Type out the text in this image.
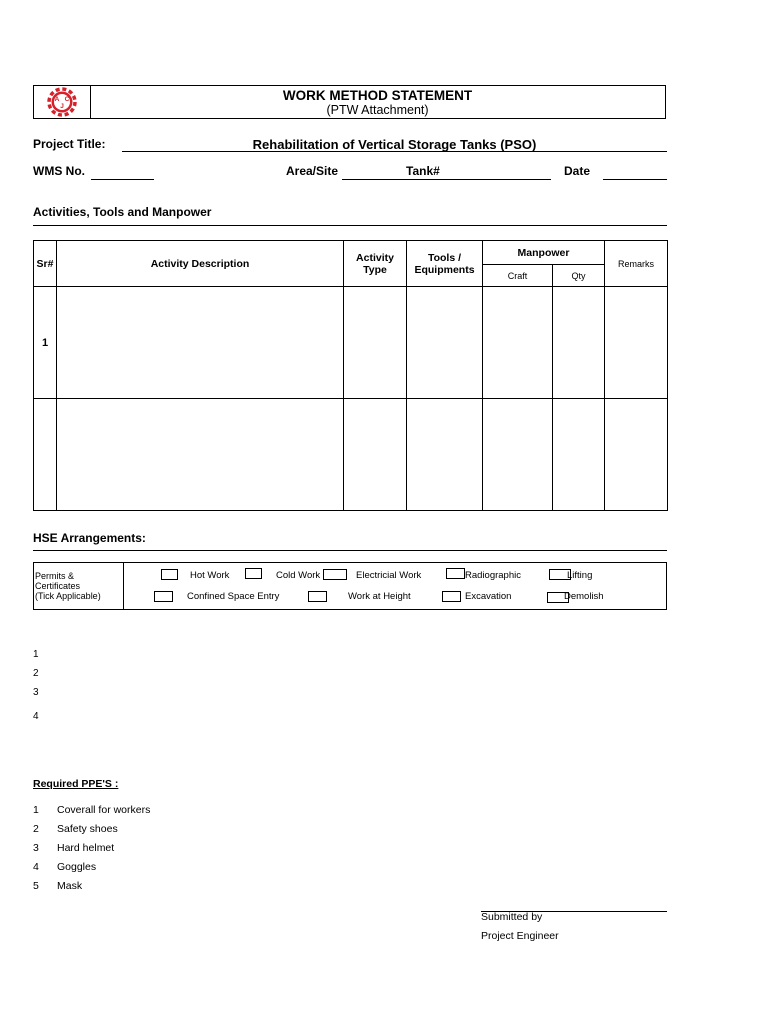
A
J
C	WORK METHOD STATEMENT
(PTW Attachment)
Project Title:	Rehabilitation of Vertical Storage Tanks (PSO)
WMS No.	Area/Site	Tank#	Date
Activities, Tools and Manpower
Sr#	Activity Description	Activity Type	Tools / Equipments	Manpower		Remarks
				Craft	Qty	
1						

HSE Arrangements:
Permits &
Certificates
(Tick Applicable)
Hot Work	Cold Work	Electricial Work	Radiographic	Lifting
Confined Space Entry	Work at Height	Excavation	Demolish
1
2
3
4
Required PPE'S :
1 Coverall for workers
2 Safety shoes
3 Hard helmet
4 Goggles
5 Mask
Submitted by
Project Engineer
